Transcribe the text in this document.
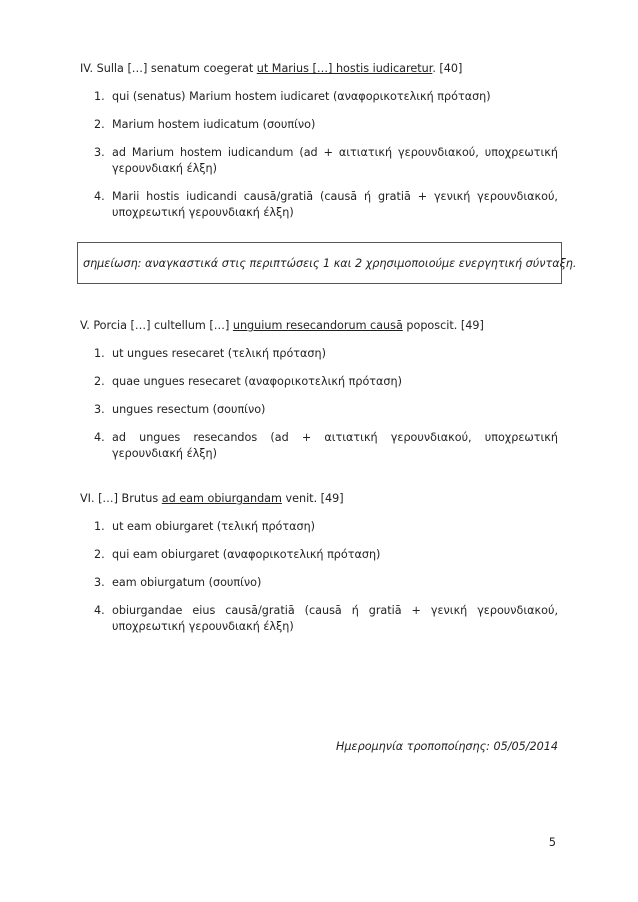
IV. Sulla […] senatum coegerat ut Marius […] hostis iudicaretur. [40]

1. qui (senatus) Marium hostem iudicaret (αναφορικοτελική πρόταση)
2. Marium hostem iudicatum (σουπίνο)
3. ad Marium hostem iudicandum (ad + αιτιατική γερουνδιακού, υποχρεωτική γερουνδιακή έλξη)
4. Marii hostis iudicandi causā/gratiā (causā ή gratiā + γενική γερουνδιακού, υποχρεωτική γερουνδιακή έλξη)
σημείωση: αναγκαστικά στις περιπτώσεις 1 και 2 χρησιμοποιούμε ενεργητική σύνταξη.

V. Porcia […] cultellum […] unguium resecandorum causā poposcit. [49]

1. ut ungues resecaret (τελική πρόταση)
2. quae ungues resecaret (αναφορικοτελική πρόταση)
3. ungues resectum (σουπίνο)
4. ad ungues resecandos (ad + αιτιατική γερουνδιακού, υποχρεωτική γερουνδιακή έλξη)

VI. […] Brutus ad eam obiurgandam venit. [49]

1. ut eam obiurgaret (τελική πρόταση)
2. qui eam obiurgaret (αναφορικοτελική πρόταση)
3. eam obiurgatum (σουπίνο)
4. obiurgandae eius causā/gratiā (causā ή gratiā + γενική γερουνδιακού, υποχρεωτική γερουνδιακή έλξη)
Ημερομηνία τροποποίησης: 05/05/2014
5
